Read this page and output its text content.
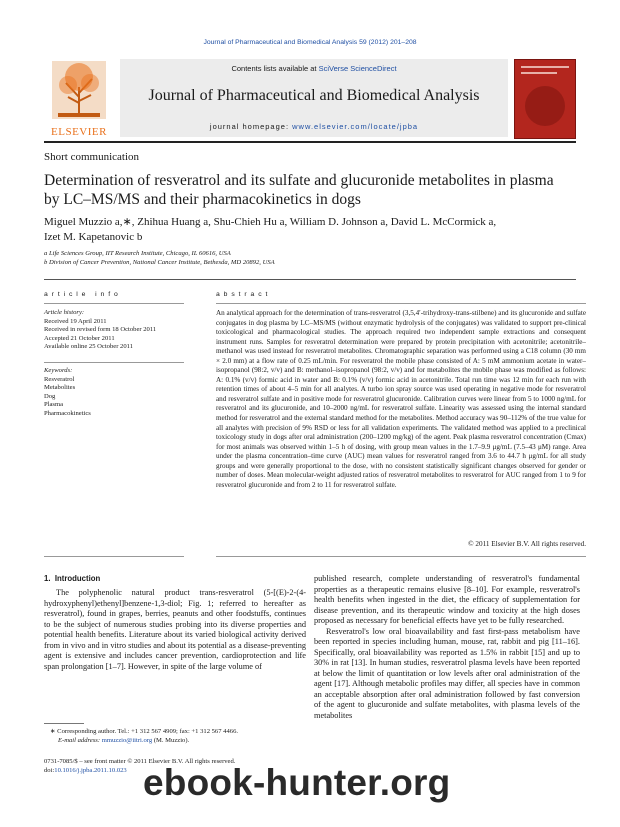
Journal of Pharmaceutical and Biomedical Analysis 59 (2012) 201–208
Contents lists available at SciVerse ScienceDirect
Journal of Pharmaceutical and Biomedical Analysis
journal homepage: www.elsevier.com/locate/jpba
ELSEVIER
Short communication
Determination of resveratrol and its sulfate and glucuronide metabolites in plasma by LC–MS/MS and their pharmacokinetics in dogs
Miguel Muzzio a,∗, Zhihua Huang a, Shu-Chieh Hu a, William D. Johnson a, David L. McCormick a,
Izet M. Kapetanovic b
a Life Sciences Group, IIT Research Institute, Chicago, IL 60616, USA
b Division of Cancer Prevention, National Cancer Institute, Bethesda, MD 20892, USA
a r t i c l e   i n f o
Article history:
Received 19 April 2011
Received in revised form 18 October 2011
Accepted 21 October 2011
Available online 25 October 2011
Keywords:
Resveratrol
Metabolites
Dog
Plasma
Pharmacokinetics
a b s t r a c t
An analytical approach for the determination of trans-resveratrol (3,5,4′-trihydroxy-trans-stilbene) and its glucuronide and sulfate conjugates in dog plasma by LC–MS/MS (without enzymatic hydrolysis of the conjugates) was validated to support pre-clinical toxicological and pharmacological studies. The approach required two independent sample extractions and consequent instrument runs. Samples for resveratrol determination were prepared by protein precipitation with acetonitrile; acetonitrile–methanol was used instead for resveratrol metabolites. Chromatographic separation was performed using a C18 column (30 mm × 2.0 mm) at a flow rate of 0.25 mL/min. For resveratrol the mobile phase consisted of A: 5 mM ammonium acetate in water–isopropanol (98:2, v/v) and B: methanol–isopropanol (98:2, v/v) and for metabolites the mobile phase was modified as follows: A: 0.1% (v/v) formic acid in water and B: 0.1% (v/v) formic acid in acetonitrile. Total run time was 12 min for each run with retention times of about 4–5 min for all analytes. A turbo ion spray source was used operating in negative mode for resveratrol and resveratrol sulfate and in positive mode for resveratrol glucuronide. Calibration curves were linear from 5 to 1000 ng/mL for resveratrol and its glucuronide, and 10–2000 ng/mL for resveratrol sulfate. Linearity was assessed using the internal standard method for resveratrol and the external standard method for the metabolites. Method accuracy was 90–112% of the true value for all analytes with precision of 9% RSD or less for all validation experiments. The validated method was applied to a preclinical toxicology study in dogs after oral administration (200–1200 mg/kg) of the agent. Peak plasma resveratrol concentration (Cmax) for most animals was observed within 1–5 h of dosing, with group mean values in the 1.7–9.9 μg/mL (7.5–43 μM) range. Area under the plasma concentration–time curve (AUC) mean values for resveratrol ranged from 3.6 to 44.7 h μg/mL for all study groups and were generally proportional to the dose, with no consistent statistically significant changes observed for gender or number of doses. Mean molecular-weight adjusted ratios of resveratrol metabolites to resveratrol for AUC ranged from 1 to 9 for resveratrol glucuronide and from 2 to 11 for resveratrol sulfate.
© 2011 Elsevier B.V. All rights reserved.
1.  Introduction
The polyphenolic natural product trans-resveratrol (5-[(E)-2-(4-hydroxyphenyl)ethenyl]benzene-1,3-diol; Fig. 1; referred to hereafter as resveratrol), found in grapes, berries, peanuts and other foodstuffs, continues to be the subject of numerous studies probing into its diverse properties and potential health benefits. Literature about its varied biological activity derived from in vivo and in vitro studies and about its potential as a disease-preventing agent is extensive and includes cancer prevention, cardioprotection and life span prolongation [1–7]. However, in spite of the large volume of

published research, complete understanding of resveratrol's fundamental properties as a therapeutic remains elusive [8–10]. For example, resveratrol's health benefits when ingested in the diet, the efficacy of supplementation for disease prevention, and its therapeutic window and toxicity at the high doses proposed as necessary for beneficial effects have yet to be fully researched.

Resveratrol's low oral bioavailability and fast first-pass metabolism have been reported in species including human, mouse, rat, rabbit and pig [11–16]. Specifically, oral bioavailability was reported as 1.5% in rabbit [15] and up to 30% in rat [13]. In human studies, resveratrol plasma levels have been reported at below the limit of quantitation or low levels after oral administration of the agent [17]. Although metabolic profiles may differ, all species have in common an acceptable absorption after oral administration followed by fast conversion of the agent to glucuronide and sulfate metabolites, with plasma levels of the metabolites

∗ Corresponding author. Tel.: +1 312 567 4909; fax: +1 312 567 4466.
E-mail address: mmuzzio@iitri.org (M. Muzzio).
0731-7085/$ – see front matter © 2011 Elsevier B.V. All rights reserved.
doi:10.1016/j.jpba.2011.10.023 ebook-hunter.org
